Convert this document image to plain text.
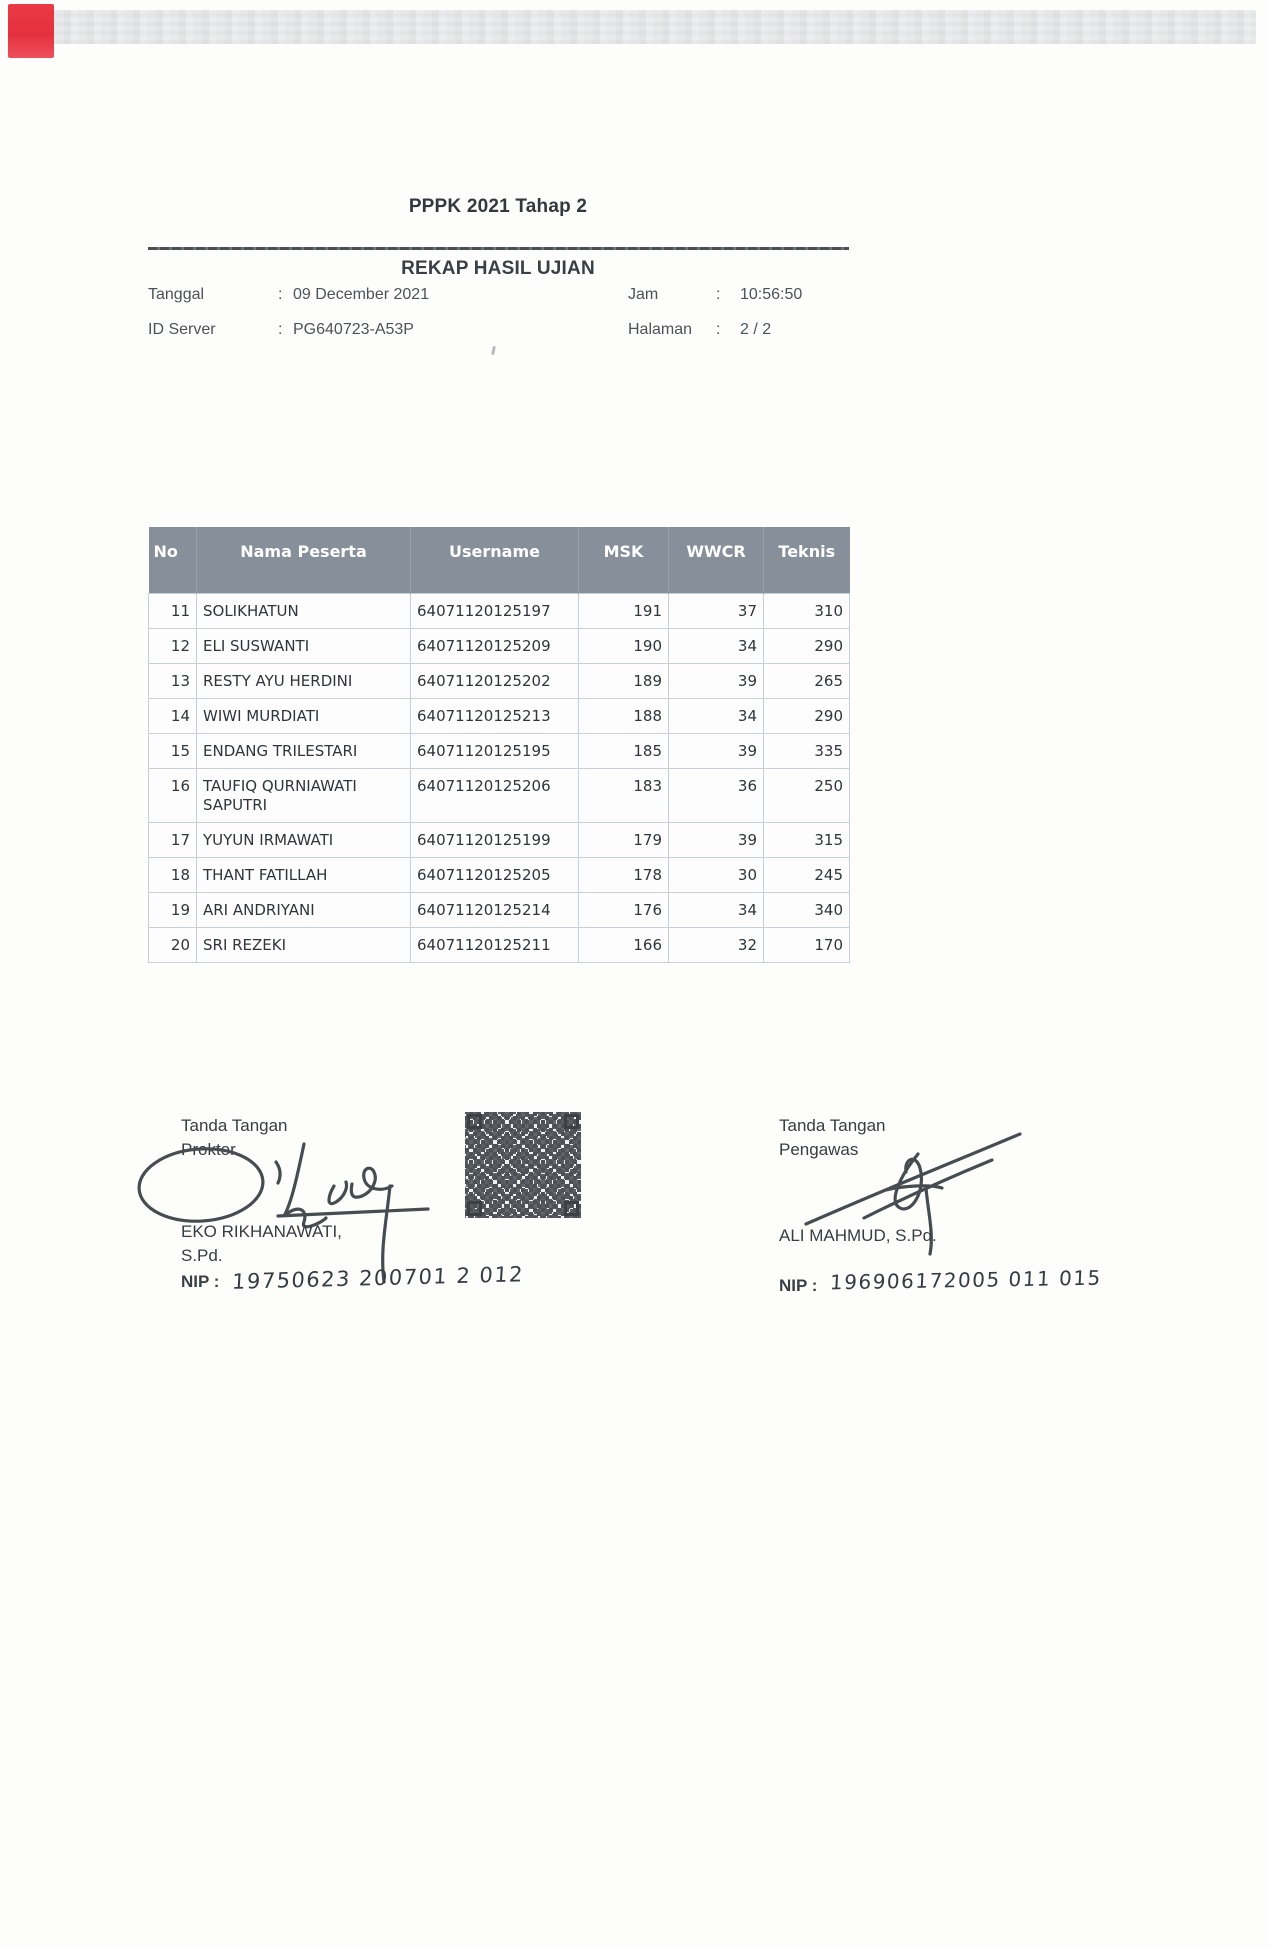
PPPK 2021 Tahap 2
REKAP HASIL UJIAN
Tanggal	: 09 December 2021	Jam	: 10:56:50
ID Server	: PG640723-A53P	Halaman : 2 / 2
No	Nama Peserta	Username	MSK	WWCR	Teknis
11	SOLIKHATUN	64071120125197	191	37	310
12	ELI SUSWANTI	64071120125209	190	34	290
13	RESTY AYU HERDINI	64071120125202	189	39	265
14	WIWI MURDIATI	64071120125213	188	34	290
15	ENDANG TRILESTARI	64071120125195	185	39	335
16	TAUFIQ QURNIAWATI SAPUTRI	64071120125206	183	36	250
17	YUYUN IRMAWATI	64071120125199	179	39	315
18	THANT FATILLAH	64071120125205	178	30	245
19	ARI ANDRIYANI	64071120125214	176	34	340
20	SRI REZEKI	64071120125211	166	32	170
Tanda Tangan
Proktor
EKO RIKHANAWATI,
S.Pd.
NIP : 19750623 200701 2 012
Tanda Tangan
Pengawas
ALI MAHMUD, S.Pd.
NIP : 196906172005 011 015
